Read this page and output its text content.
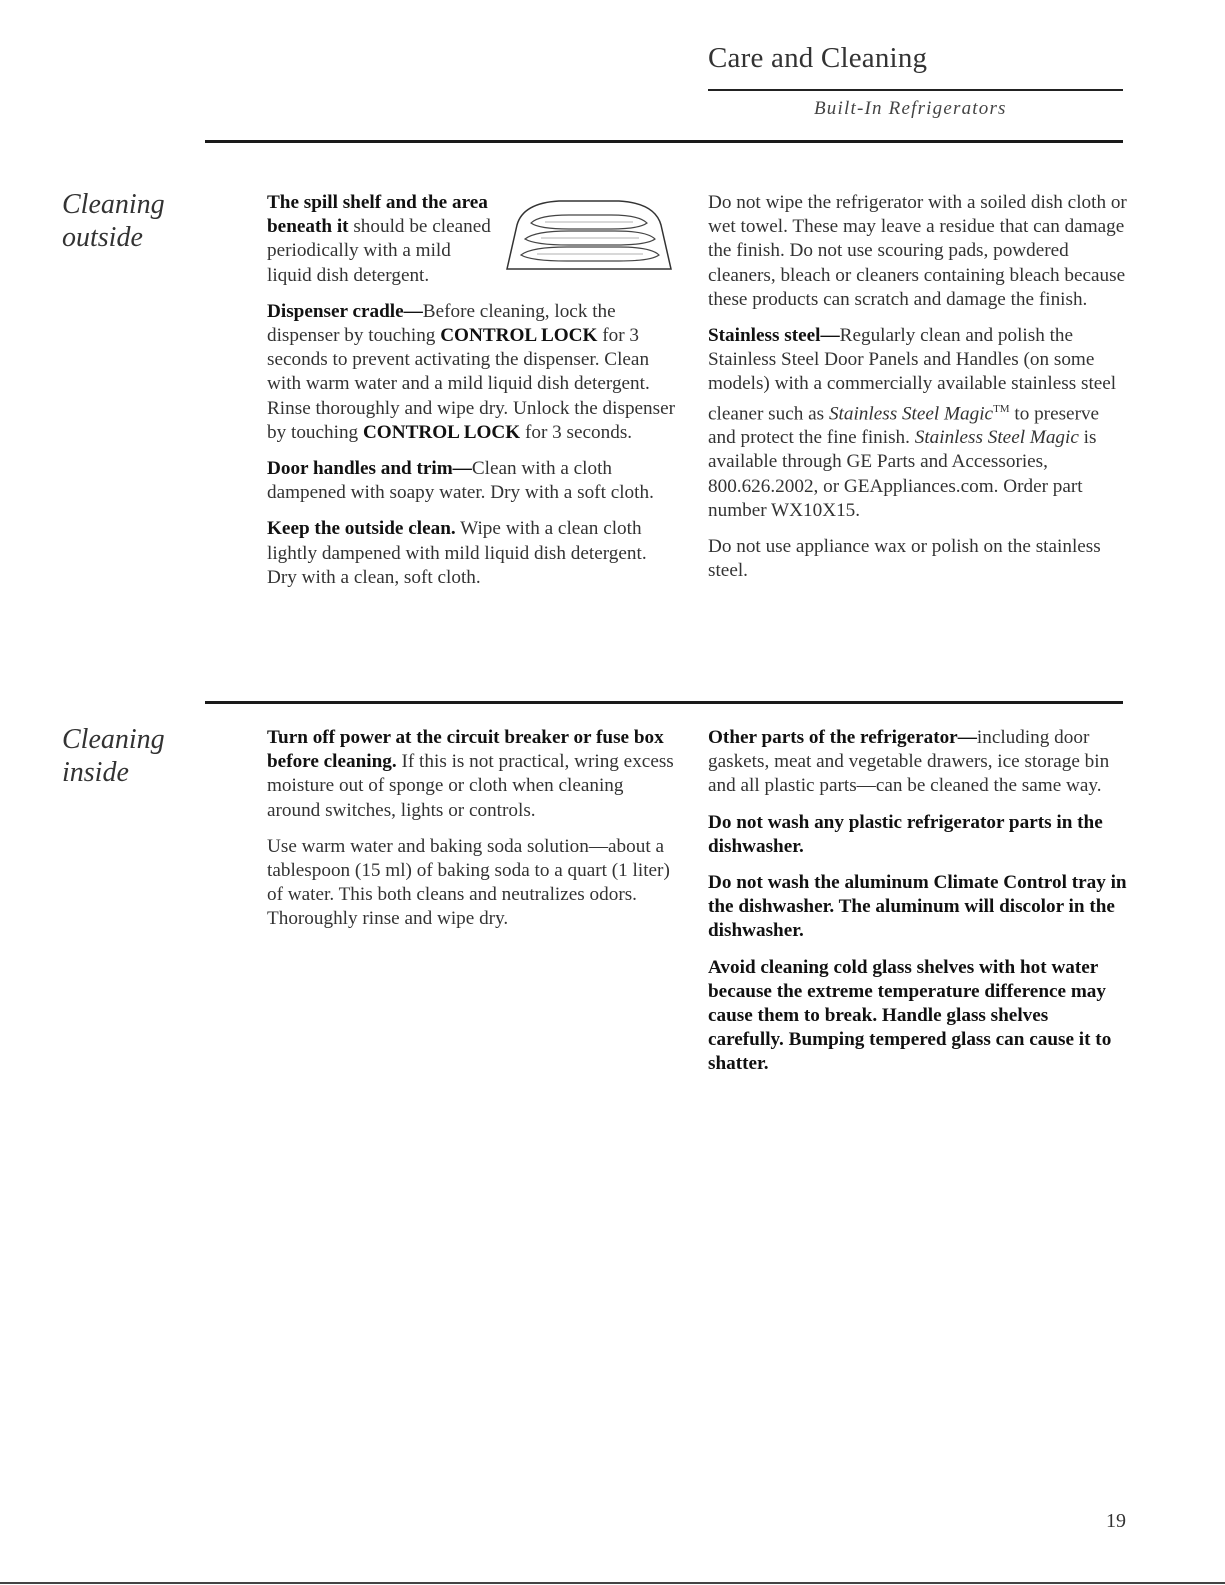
Care and Cleaning
Built-In Refrigerators
Cleaning
outside

The spill shelf and the area beneath it should be cleaned periodically with a mild liquid dish detergent.

Dispenser cradle—Before cleaning, lock the dispenser by touching CONTROL LOCK for 3 seconds to prevent activating the dispenser. Clean with warm water and a mild liquid dish detergent. Rinse thoroughly and wipe dry. Unlock the dispenser by touching CONTROL LOCK for 3 seconds.

Door handles and trim—Clean with a cloth dampened with soapy water. Dry with a soft cloth.

Keep the outside clean. Wipe with a clean cloth lightly dampened with mild liquid dish detergent. Dry with a clean, soft cloth.

Do not wipe the refrigerator with a soiled dish cloth or wet towel. These may leave a residue that can damage the finish. Do not use scouring pads, powdered cleaners, bleach or cleaners containing bleach because these products can scratch and damage the finish.

Stainless steel—Regularly clean and polish the Stainless Steel Door Panels and Handles (on some models) with a commercially available stainless steel cleaner such as Stainless Steel Magic™ to preserve and protect the fine finish. Stainless Steel Magic is available through GE Parts and Accessories, 800.626.2002, or GEAppliances.com. Order part number WX10X15.

Do not use appliance wax or polish on the stainless steel.

Cleaning
inside

Turn off power at the circuit breaker or fuse box before cleaning. If this is not practical, wring excess moisture out of sponge or cloth when cleaning around switches, lights or controls.

Use warm water and baking soda solution—about a tablespoon (15 ml) of baking soda to a quart (1 liter) of water. This both cleans and neutralizes odors. Thoroughly rinse and wipe dry.

Other parts of the refrigerator—including door gaskets, meat and vegetable drawers, ice storage bin and all plastic parts—can be cleaned the same way.

Do not wash any plastic refrigerator parts in the dishwasher.

Do not wash the aluminum Climate Control tray in the dishwasher. The aluminum will discolor in the dishwasher.

Avoid cleaning cold glass shelves with hot water because the extreme temperature difference may cause them to break. Handle glass shelves carefully. Bumping tempered glass can cause it to shatter.

19
